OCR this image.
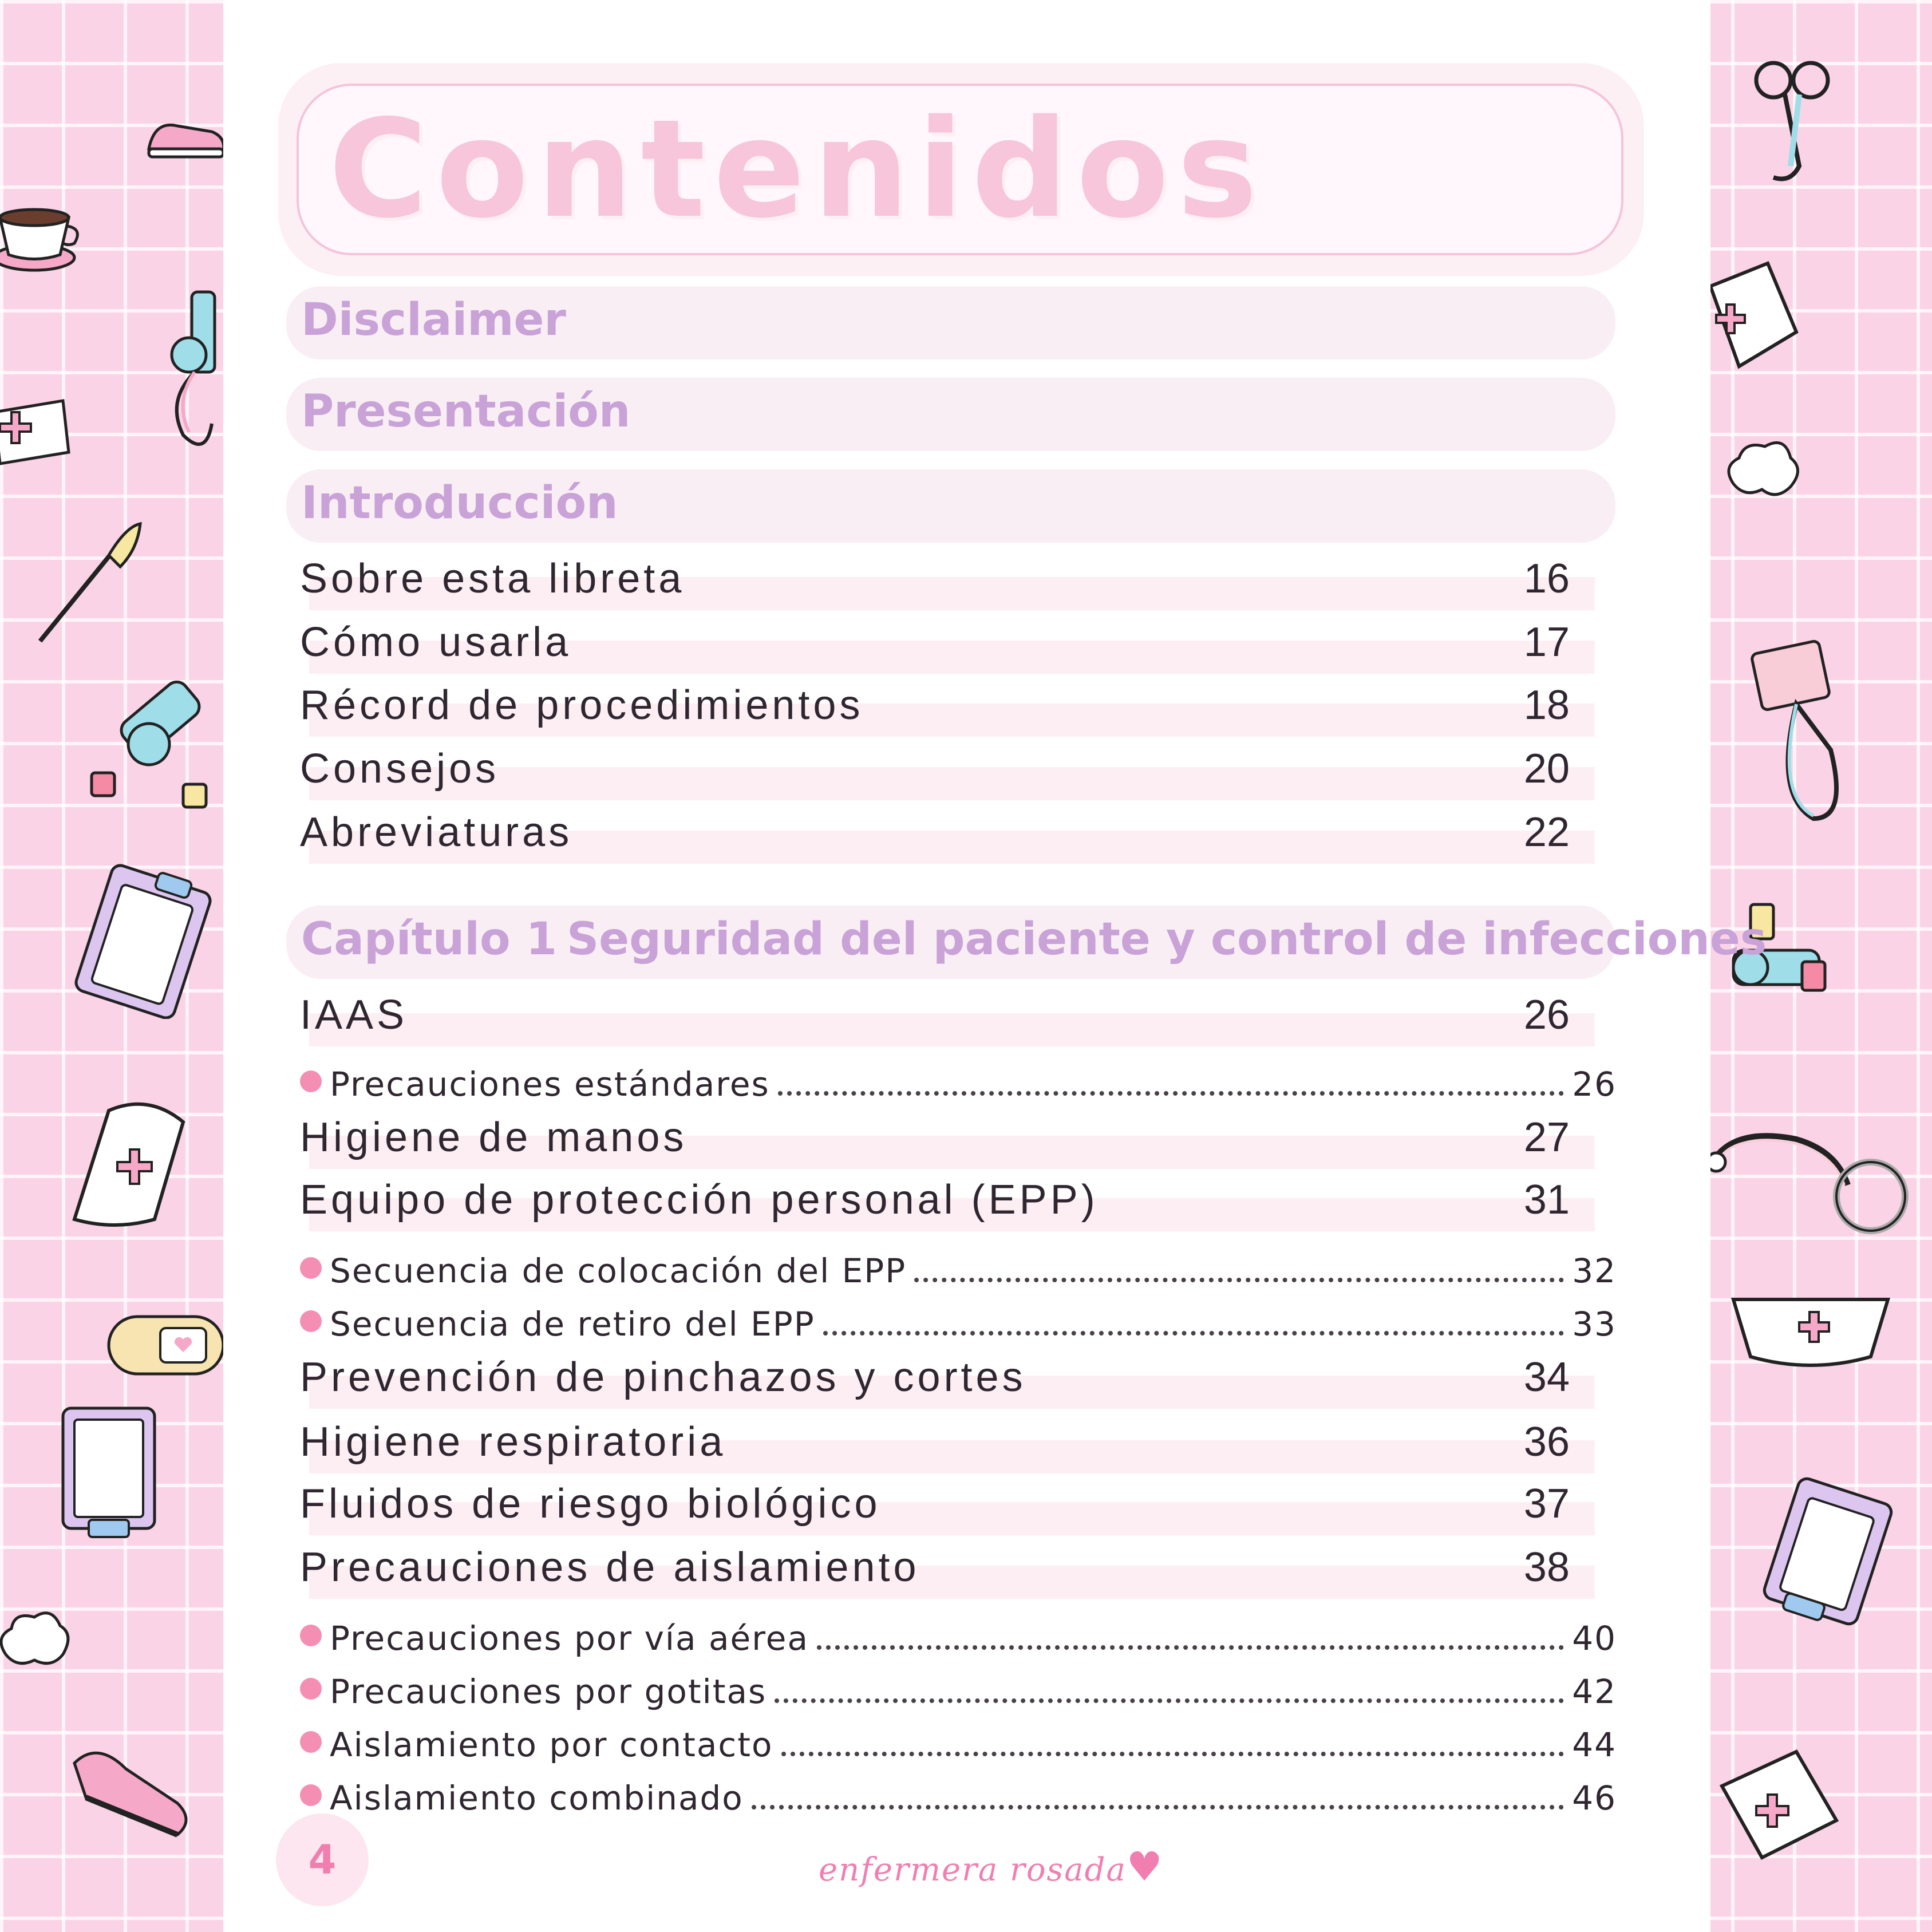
Contenidos
Disclaimer
Presentación
Introducción
Sobre esta libreta	16
Cómo usarla	17
Récord de procedimientos	18
Consejos	20
Abreviaturas	22
Capítulo 1 Seguridad del paciente y control de infecciones
IAAS	26
Precauciones estándares	26
Higiene de manos	27
Equipo de protección personal (EPP)	31
Secuencia de colocación del EPP	32
Secuencia de retiro del EPP	33
Prevención de pinchazos y cortes	34
Higiene respiratoria	36
Fluidos de riesgo biológico	37
Precauciones de aislamiento	38
Precauciones por vía aérea	40
Precauciones por gotitas	42
Aislamiento por contacto	44
Aislamiento combinado	46
4	enfermera rosada♥
